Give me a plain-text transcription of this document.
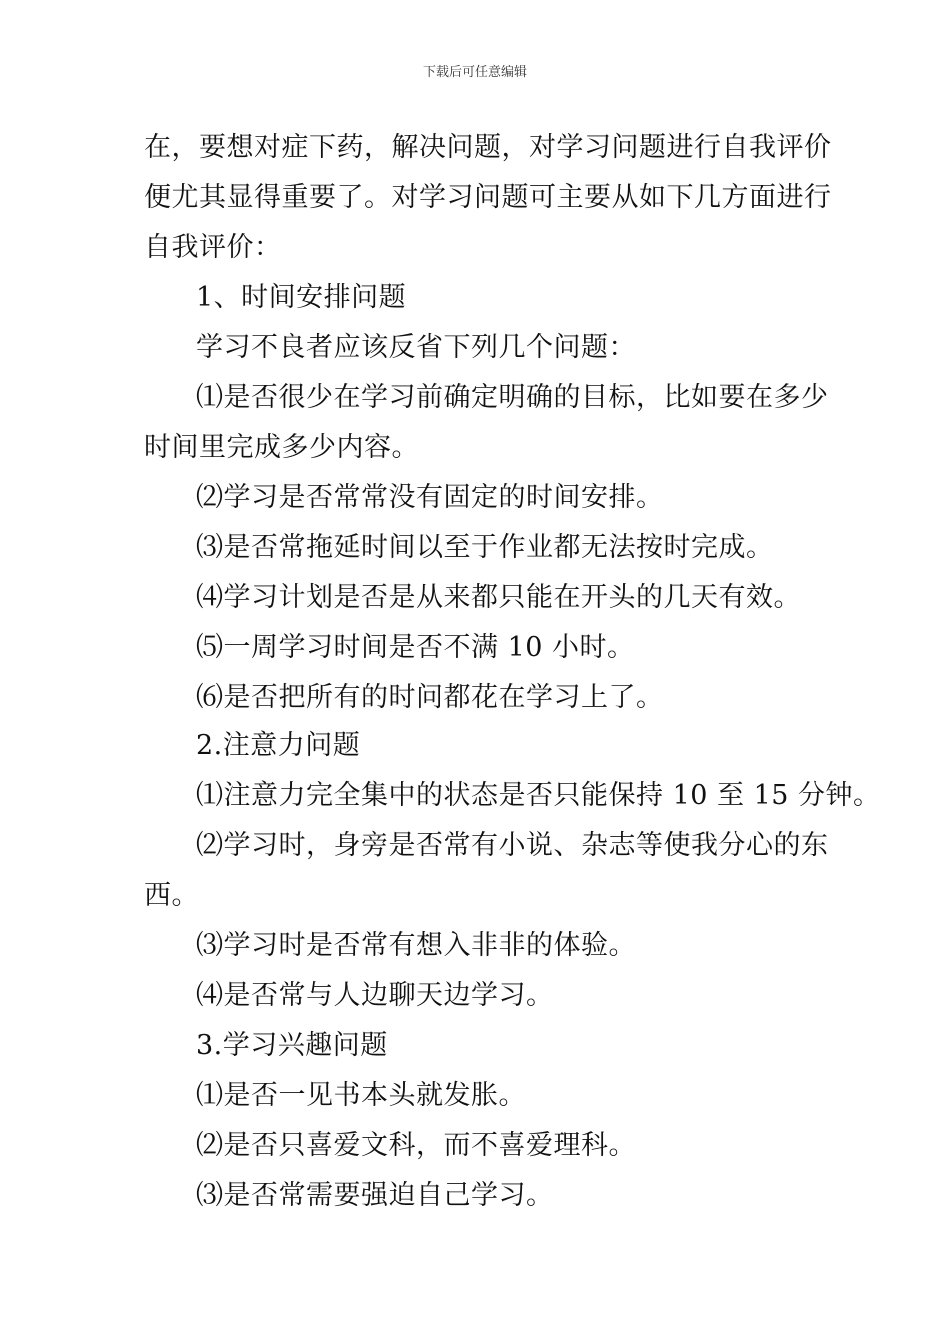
下载后可任意编辑
在，要想对症下药，解决问题，对学习问题进行自我评价
便尤其显得重要了。对学习问题可主要从如下几方面进行
自我评价：
1、时间安排问题
学习不良者应该反省下列几个问题：
⑴是否很少在学习前确定明确的目标，比如要在多少
时间里完成多少内容。
⑵学习是否常常没有固定的时间安排。
⑶是否常拖延时间以至于作业都无法按时完成。
⑷学习计划是否是从来都只能在开头的几天有效。
⑸一周学习时间是否不满 10 小时。
⑹是否把所有的时问都花在学习上了。
2.注意力问题
⑴注意力完全集中的状态是否只能保持 10 至 15 分钟。
⑵学习时，身旁是否常有小说、杂志等使我分心的东
西。
⑶学习时是否常有想入非非的体验。
⑷是否常与人边聊天边学习。
3.学习兴趣问题
⑴是否一见书本头就发胀。
⑵是否只喜爱文科，而不喜爱理科。
⑶是否常需要强迫自己学习。
